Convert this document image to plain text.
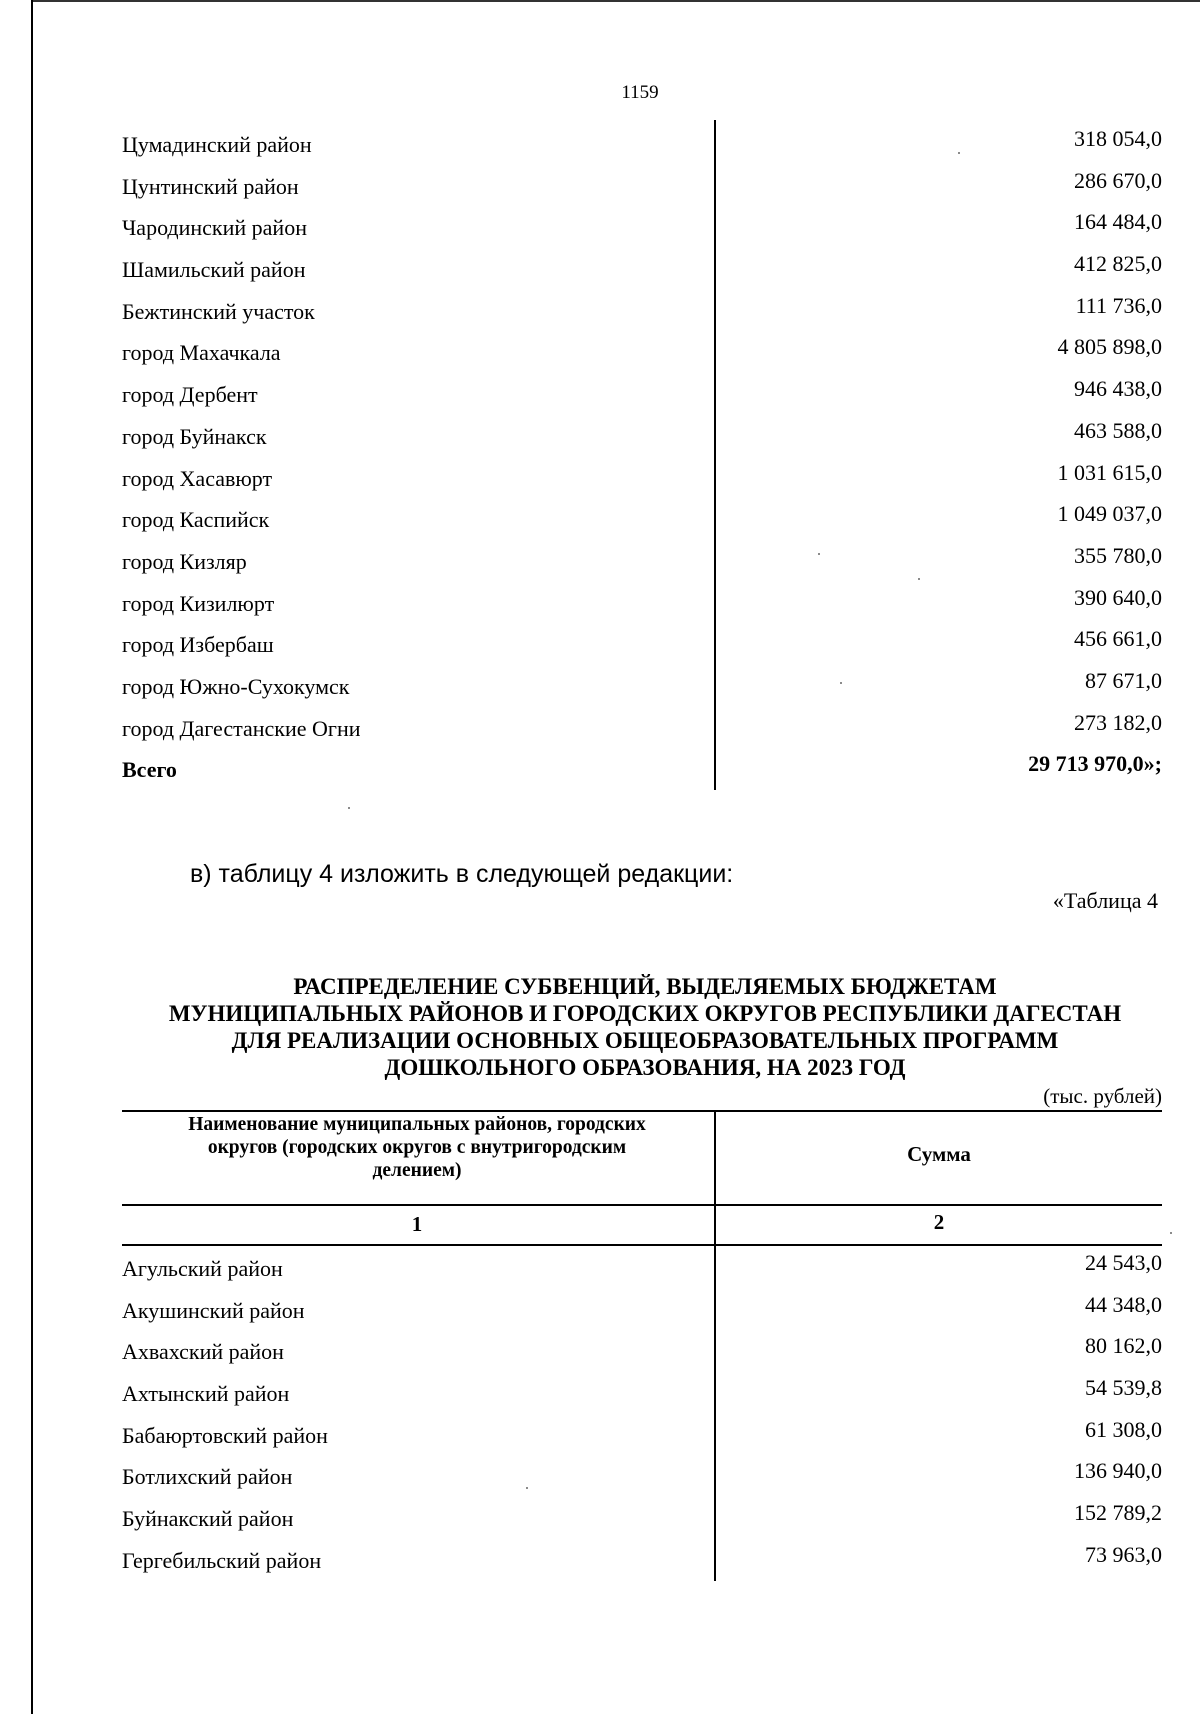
1159
Цумадинский район	318 054,0
Цунтинский район	286 670,0
Чародинский район	164 484,0
Шамильский район	412 825,0
Бежтинский участок	111 736,0
город Махачкала	4 805 898,0
город Дербент	946 438,0
город Буйнакск	463 588,0
город Хасавюрт	1 031 615,0
город Каспийск	1 049 037,0
город Кизляр	355 780,0
город Кизилюрт	390 640,0
город Избербаш	456 661,0
город Южно-Сухокумск	87 671,0
город Дагестанские Огни	273 182,0
Всего	29 713 970,0»;
в) таблицу 4 изложить в следующей редакции:
«Таблица 4
РАСПРЕДЕЛЕНИЕ СУБВЕНЦИЙ, ВЫДЕЛЯЕМЫХ БЮДЖЕТАМ
МУНИЦИПАЛЬНЫХ РАЙОНОВ И ГОРОДСКИХ ОКРУГОВ РЕСПУБЛИКИ ДАГЕСТАН
ДЛЯ РЕАЛИЗАЦИИ ОСНОВНЫХ ОБЩЕОБРАЗОВАТЕЛЬНЫХ ПРОГРАММ
ДОШКОЛЬНОГО ОБРАЗОВАНИЯ, НА 2023 ГОД
(тыс. рублей)
Наименование муниципальных районов, городских
округов (городских округов с внутригородским
делением)
Сумма
1	2
Агульский район	24 543,0
Акушинский район	44 348,0
Ахвахский район	80 162,0
Ахтынский район	54 539,8
Бабаюртовский район	61 308,0
Ботлихский район	136 940,0
Буйнакский район	152 789,2
Гергебильский район	73 963,0
